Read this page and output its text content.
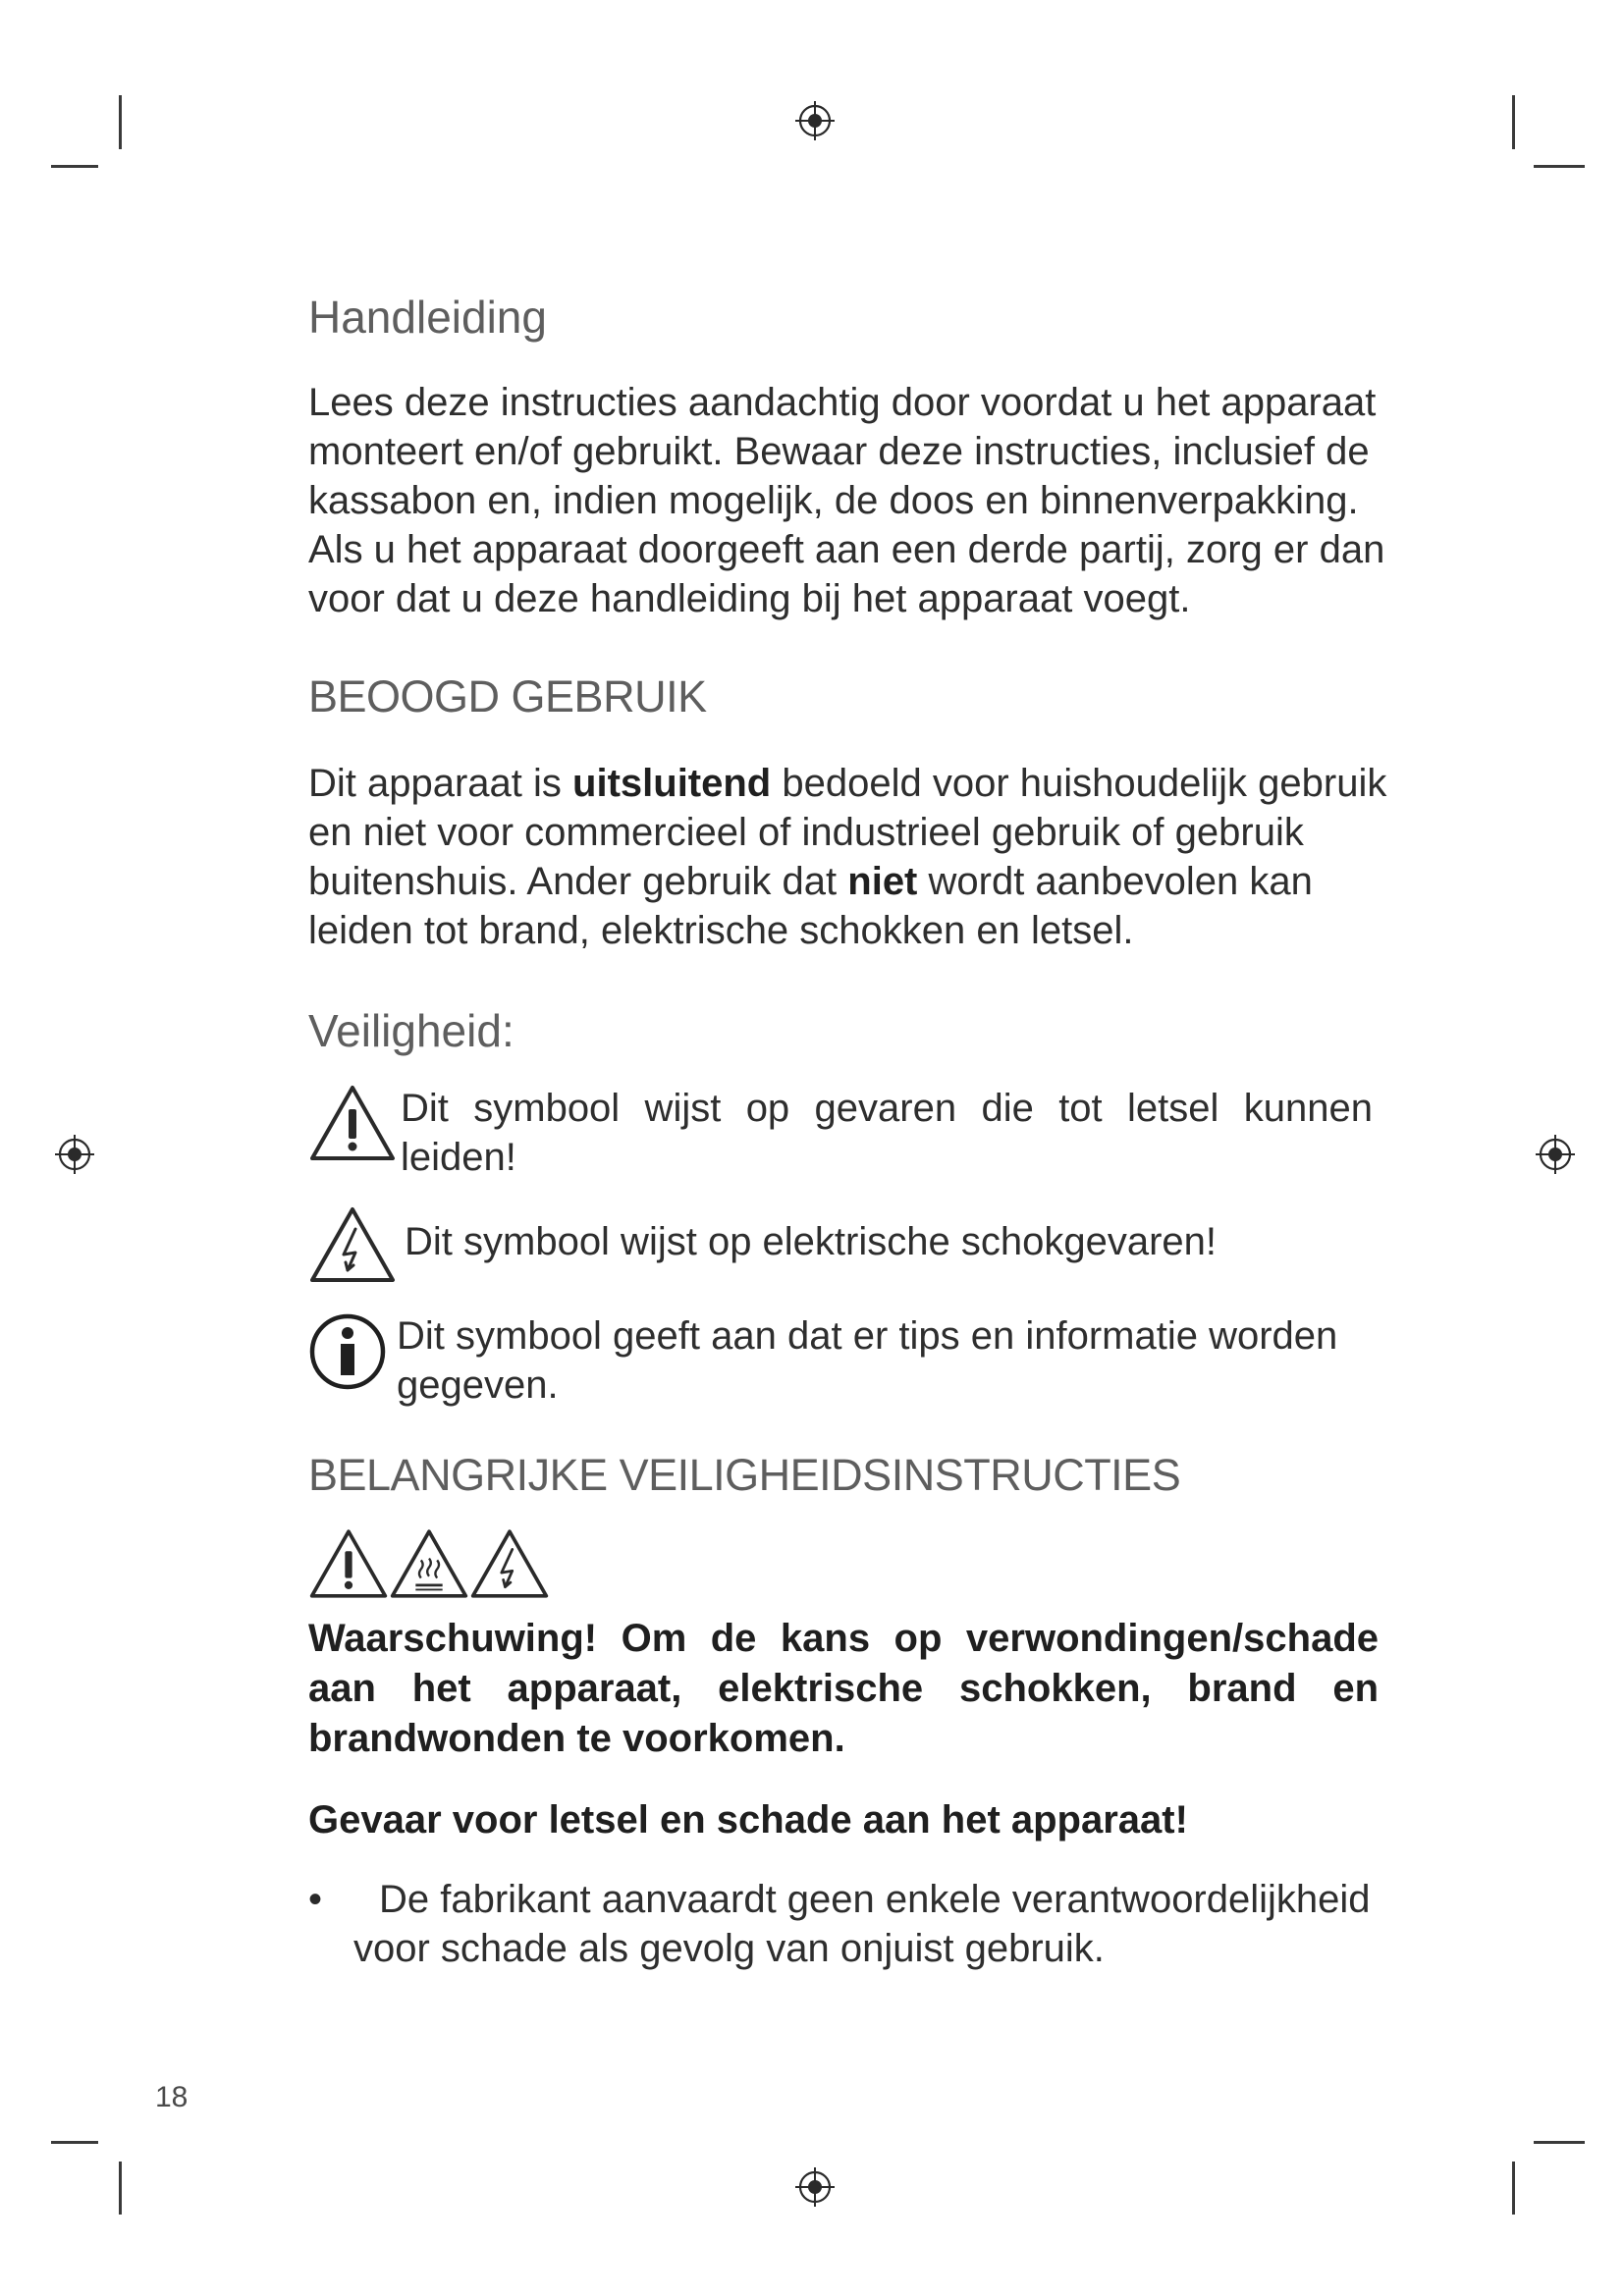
Handleiding

Lees deze instructies aandachtig door voordat u het apparaat monteert en/of gebruikt. Bewaar deze instructies, inclusief de kassabon en, indien mogelijk, de doos en binnenverpakking. Als u het apparaat doorgeeft aan een derde partij, zorg er dan voor dat u deze handleiding bij het apparaat voegt.

BEOOGD GEBRUIK

Dit apparaat is uitsluitend bedoeld voor huishoudelijk gebruik en niet voor commercieel of industrieel gebruik of gebruik buitenshuis. Ander gebruik dat niet wordt aanbevolen kan leiden tot brand, elektrische schokken en letsel.

Veiligheid:

Dit symbool wijst op gevaren die tot letsel kunnen leiden!

Dit symbool wijst op elektrische schokgevaren!

Dit symbool geeft aan dat er tips en informatie worden gegeven.

BELANGRIJKE VEILIGHEIDSINSTRUCTIES

Waarschuwing! Om de kans op verwondingen/schade aan het apparaat, elektrische schokken, brand en brandwonden te voorkomen.

Gevaar voor letsel en schade aan het apparaat!

•	De fabrikant aanvaardt geen enkele verantwoordelijkheid voor schade als gevolg van onjuist gebruik.

18
